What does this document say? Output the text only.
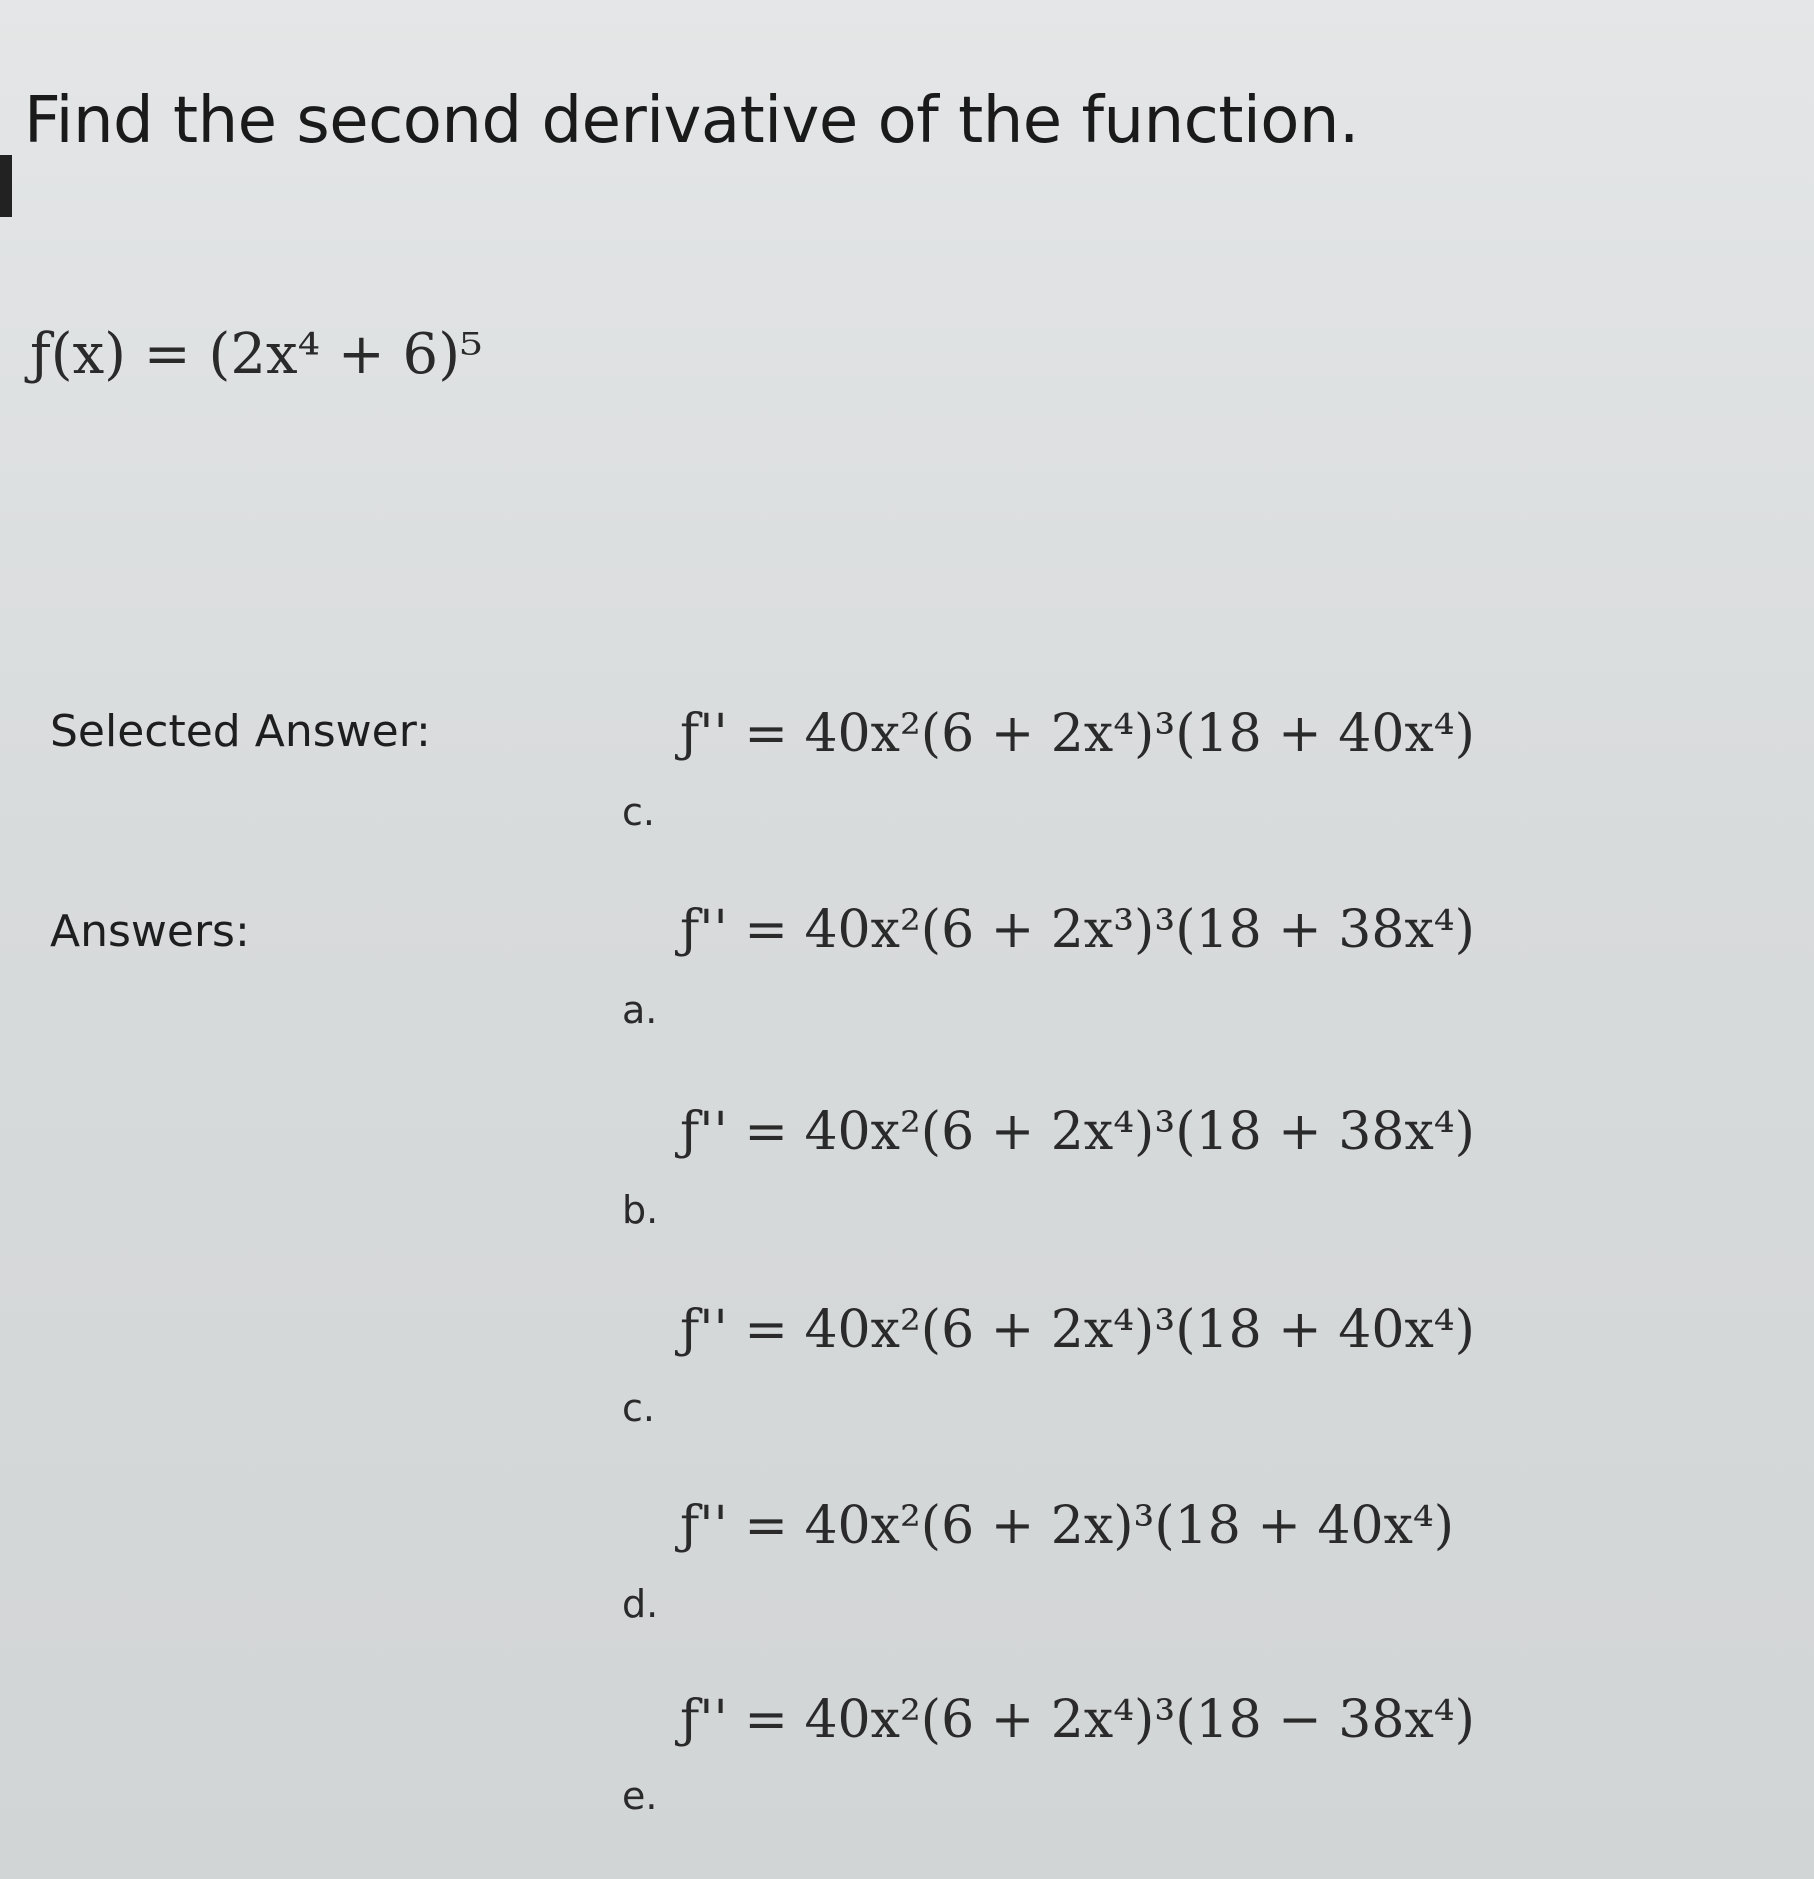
Find the second derivative of the function.
ƒ(x) = (2x⁴ + 6)⁵
Selected Answer:	ƒ'' = 40x²(6 + 2x⁴)³(18 + 40x⁴)
c.
Answers:	ƒ'' = 40x²(6 + 2x³)³(18 + 38x⁴)
a.
ƒ'' = 40x²(6 + 2x⁴)³(18 + 38x⁴)
b.
ƒ'' = 40x²(6 + 2x⁴)³(18 + 40x⁴)
c.
ƒ'' = 40x²(6 + 2x)³(18 + 40x⁴)
d.
ƒ'' = 40x²(6 + 2x⁴)³(18 − 38x⁴)
e.
